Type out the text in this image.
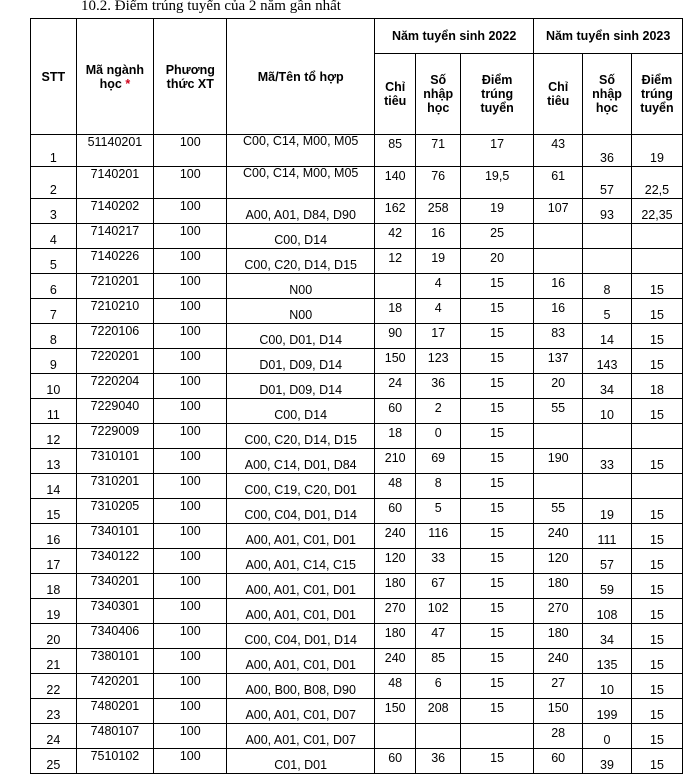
10.2. Điểm trúng tuyển của 2 năm gần nhất
STT	Mã ngành học *	Phương thức XT	Mã/Tên tổ hợp	Năm tuyển sinh 2022			Năm tuyển sinh 2023		
				Chỉ tiêu	Số nhập học	Điểm trúng tuyển	Chỉ tiêu	Số nhập học	Điểm trúng tuyển

1	51140201	100	C00, C14, M00, M05	85	71	17	43	36	19

2	7140201	100	C00, C14, M00, M05	140	76	19,5	61	57	22,5

3	7140202	100	A00, A01, D84, D90	162	258	19	107	93	22,35

4	7140217	100	C00, D14	42	16	25			

5	7140226	100	C00, C20, D14, D15	12	19	20			

6	7210201	100	N00		4	15	16	8	15

7	7210210	100	N00	18	4	15	16	5	15

8	7220106	100	C00, D01, D14	90	17	15	83	14	15

9	7220201	100	D01, D09, D14	150	123	15	137	143	15

10	7220204	100	D01, D09, D14	24	36	15	20	34	18

11	7229040	100	C00, D14	60	2	15	55	10	15

12	7229009	100	C00, C20, D14, D15	18	0	15			

13	7310101	100	A00, C14, D01, D84	210	69	15	190	33	15

14	7310201	100	C00, C19, C20, D01	48	8	15			

15	7310205	100	C00, C04, D01, D14	60	5	15	55	19	15

16	7340101	100	A00, A01, C01, D01	240	116	15	240	111	15

17	7340122	100	A00, A01, C14, C15	120	33	15	120	57	15

18	7340201	100	A00, A01, C01, D01	180	67	15	180	59	15

19	7340301	100	A00, A01, C01, D01	270	102	15	270	108	15

20	7340406	100	C00, C04, D01, D14	180	47	15	180	34	15

21	7380101	100	A00, A01, C01, D01	240	85	15	240	135	15

22	7420201	100	A00, B00, B08, D90	48	6	15	27	10	15

23	7480201	100	A00, A01, C01, D07	150	208	15	150	199	15

24	7480107	100	A00, A01, C01, D07				28	0	15

25	7510102	100	C01, D01	60	36	15	60	39	15
